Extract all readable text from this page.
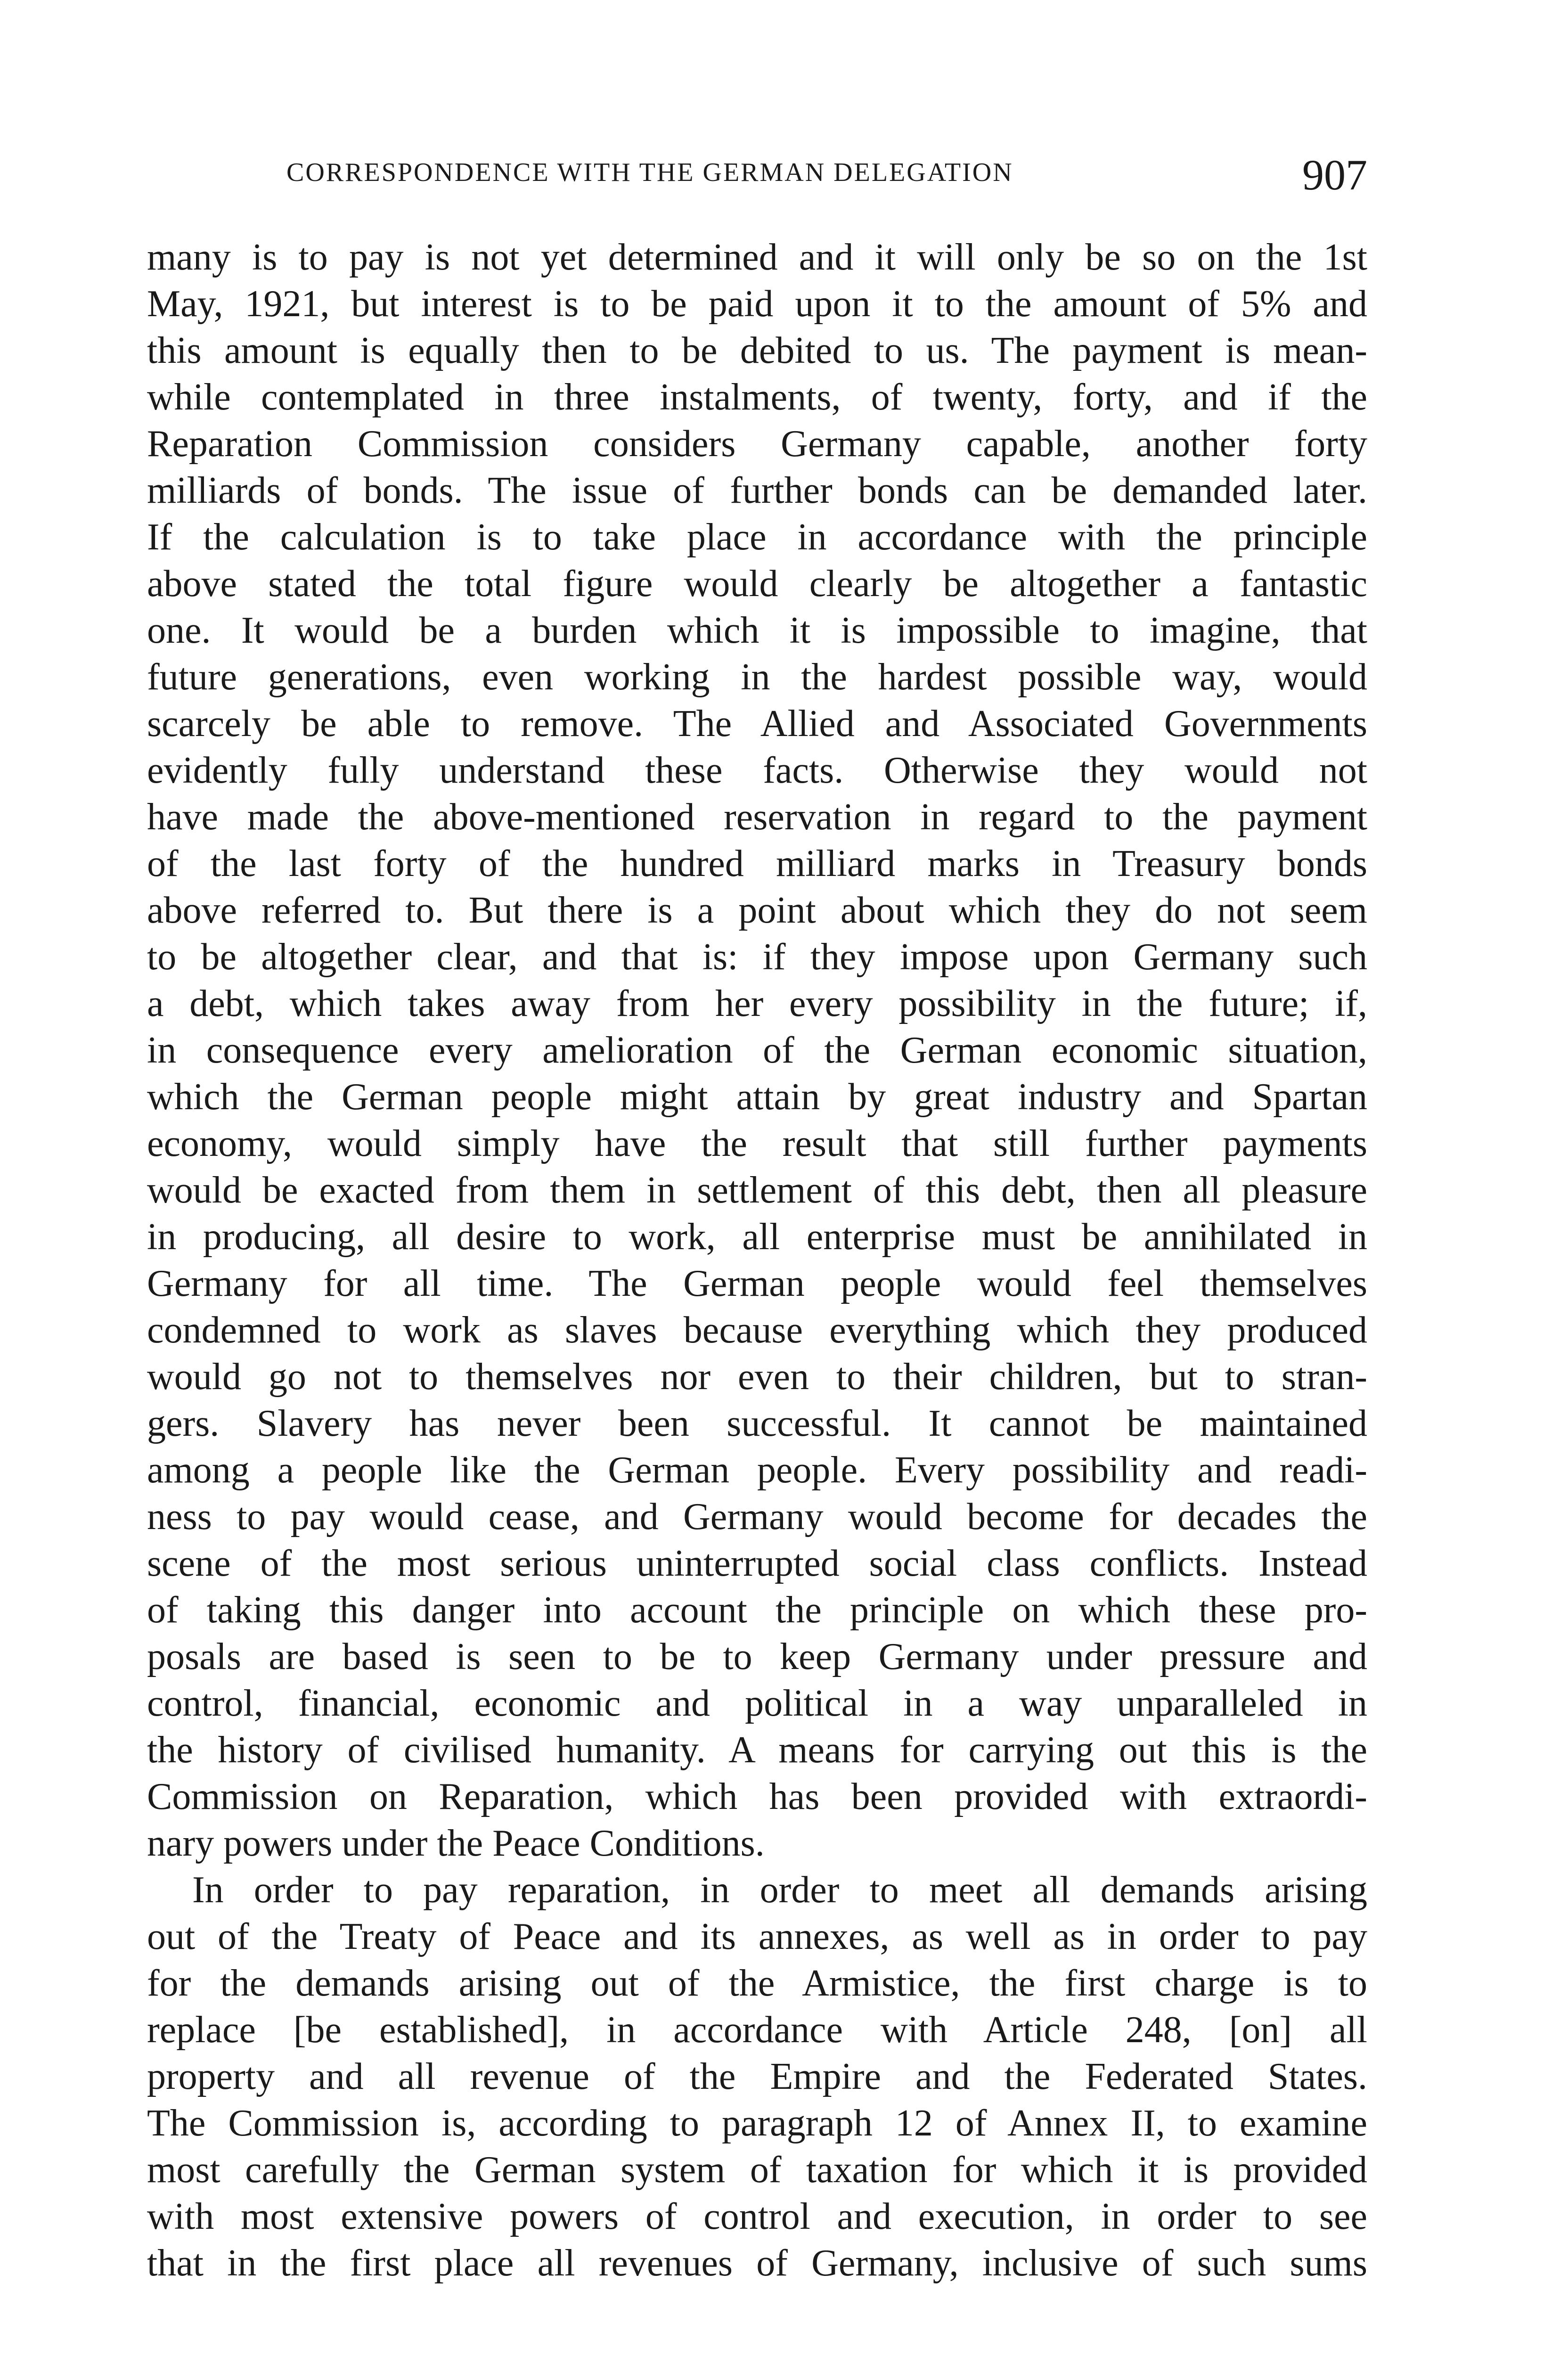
CORRESPONDENCE WITH THE GERMAN DELEGATION	907
many is to pay is not yet determined and it will only be so on the 1st
May, 1921, but interest is to be paid upon it to the amount of 5% and
this amount is equally then to be debited to us. The payment is mean-
while contemplated in three instalments, of twenty, forty, and if the
Reparation Commission considers Germany capable, another forty
milliards of bonds. The issue of further bonds can be demanded later.
If the calculation is to take place in accordance with the principle
above stated the total figure would clearly be altogether a fantastic
one. It would be a burden which it is impossible to imagine, that
future generations, even working in the hardest possible way, would
scarcely be able to remove. The Allied and Associated Governments
evidently fully understand these facts. Otherwise they would not
have made the above-mentioned reservation in regard to the payment
of the last forty of the hundred milliard marks in Treasury bonds
above referred to. But there is a point about which they do not seem
to be altogether clear, and that is: if they impose upon Germany such
a debt, which takes away from her every possibility in the future; if,
in consequence every amelioration of the German economic situation,
which the German people might attain by great industry and Spartan
economy, would simply have the result that still further payments
would be exacted from them in settlement of this debt, then all pleasure
in producing, all desire to work, all enterprise must be annihilated in
Germany for all time. The German people would feel themselves
condemned to work as slaves because everything which they produced
would go not to themselves nor even to their children, but to stran-
gers. Slavery has never been successful. It cannot be maintained
among a people like the German people. Every possibility and readi-
ness to pay would cease, and Germany would become for decades the
scene of the most serious uninterrupted social class conflicts. Instead
of taking this danger into account the principle on which these pro-
posals are based is seen to be to keep Germany under pressure and
control, financial, economic and political in a way unparalleled in
the history of civilised humanity. A means for carrying out this is the
Commission on Reparation, which has been provided with extraordi-
nary powers under the Peace Conditions.
In order to pay reparation, in order to meet all demands arising
out of the Treaty of Peace and its annexes, as well as in order to pay
for the demands arising out of the Armistice, the first charge is to
replace [be established], in accordance with Article 248, [on] all
property and all revenue of the Empire and the Federated States.
The Commission is, according to paragraph 12 of Annex II, to examine
most carefully the German system of taxation for which it is provided
with most extensive powers of control and execution, in order to see
that in the first place all revenues of Germany, inclusive of such sums
